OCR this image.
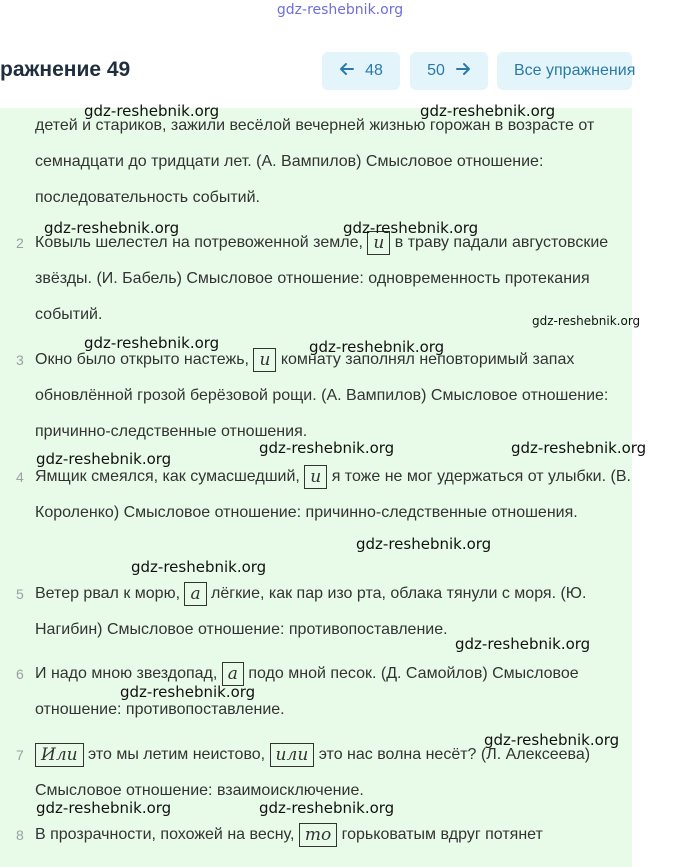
gdz-reshebnik.org
ражнение 49	48	50	Все упражнения
детей и стариков, зажили весёлой вечерней жизнью горожан в возрасте от семнадцати до тридцати лет. (А. Вампилов) Смысловое отношение: последовательность событий.
2 Ковыль шелестел на потревоженной земле, и в траву падали августовские звёзды. (И. Бабель) Смысловое отношение: одновременность протекания событий.
3 Окно было открыто настежь, и комнату заполнял неповторимый запах обновлённой грозой берёзовой рощи. (А. Вампилов) Смысловое отношение: причинно-следственные отношения.
4 Ямщик смеялся, как сумасшедший, и я тоже не мог удержаться от улыбки. (В. Короленко) Смысловое отношение: причинно-следственные отношения.
5 Ветер рвал к морю, а лёгкие, как пар изо рта, облака тянули с моря. (Ю. Нагибин) Смысловое отношение: противопоставление.
6 И надо мною звездопад, а подо мной песок. (Д. Самойлов) Смысловое отношение: противопоставление.
7	Или это мы летим неистово, или это нас волна несёт? (Л. Алексеева) Смысловое отношение: взаимоисключение.
8 В прозрачности, похожей на весну, то горьковатым вдруг потянет
gdz-reshebnik.org	gdz-reshebnik.org
gdz-reshebnik.org	gdz-reshebnik.org
gdz-reshebnik.org
gdz-reshebnik.org	gdz-reshebnik.org
gdz-reshebnik.org	gdz-reshebnik.org
gdz-reshebnik.org
gdz-reshebnik.org
gdz-reshebnik.org
gdz-reshebnik.org
gdz-reshebnik.org
gdz-reshebnik.org
gdz-reshebnik.org	gdz-reshebnik.org
